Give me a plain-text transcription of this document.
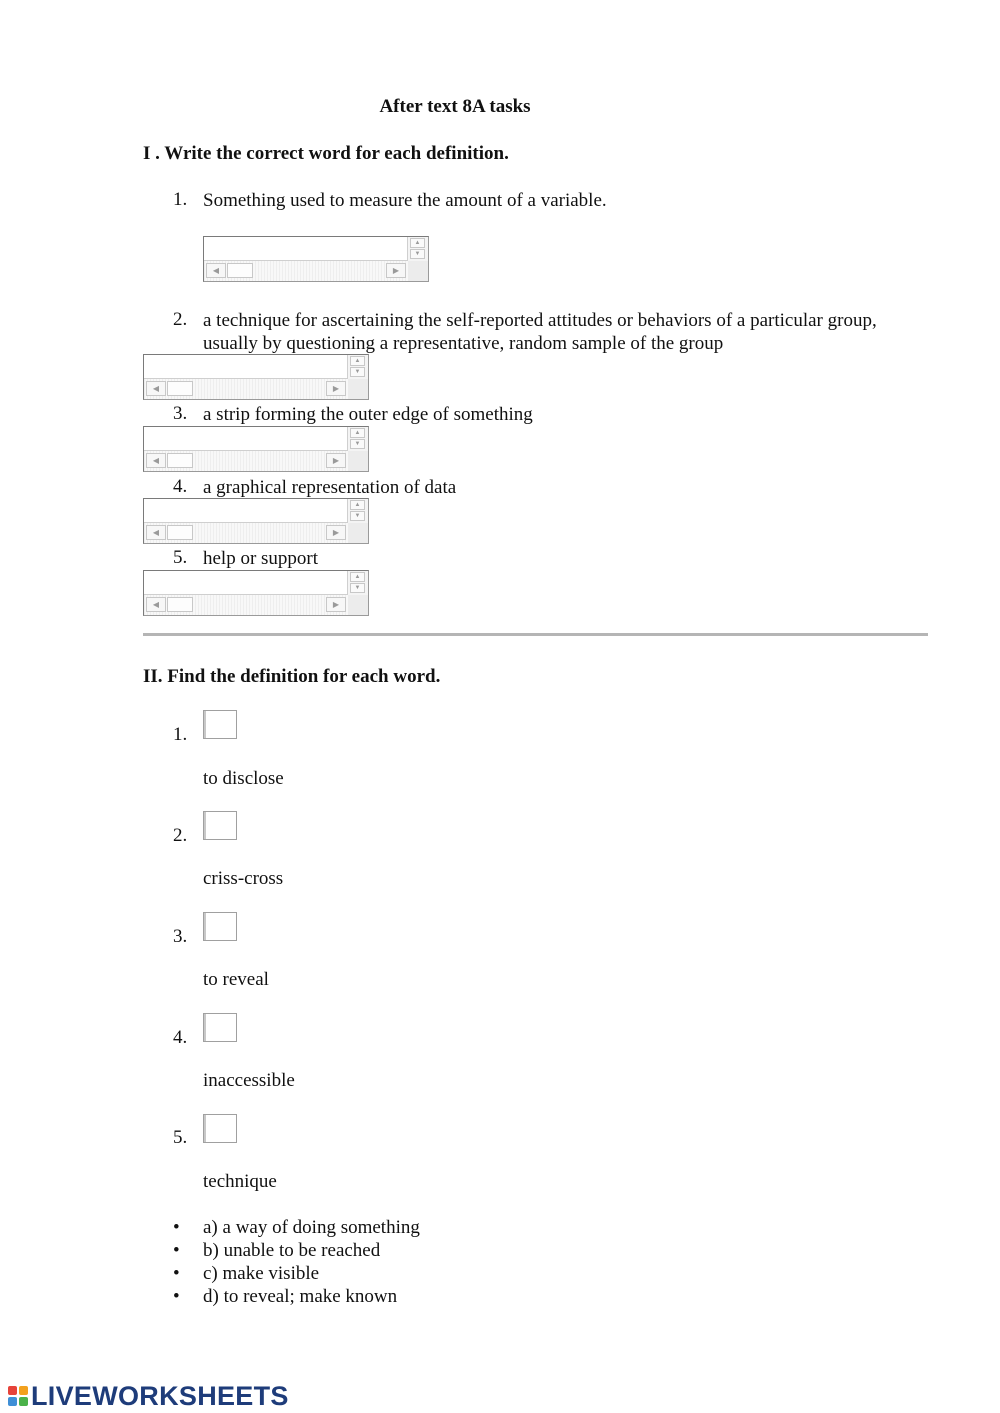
After text 8A tasks
I . Write the correct word for each definition.
1. Something used to measure the amount of a variable.
▲
▼
◀	▶
2. a technique for ascertaining the self-reported attitudes or behaviors of a particular group, usually by questioning a representative, random sample of the group
▲
▼
◀	▶
3. a strip forming the outer edge of something
▲
▼
◀	▶
4. a graphical representation of data
▲
▼
◀	▶
5. help or support
▲
▼
◀	▶
II. Find the definition for each word.
1.
to disclose
2.
criss-cross
3.
to reveal
4.
inaccessible
5.
technique
• a) a way of doing something
• b) unable to be reached
• c) make visible
• d) to reveal; make known
LIVEWORKSHEETS
